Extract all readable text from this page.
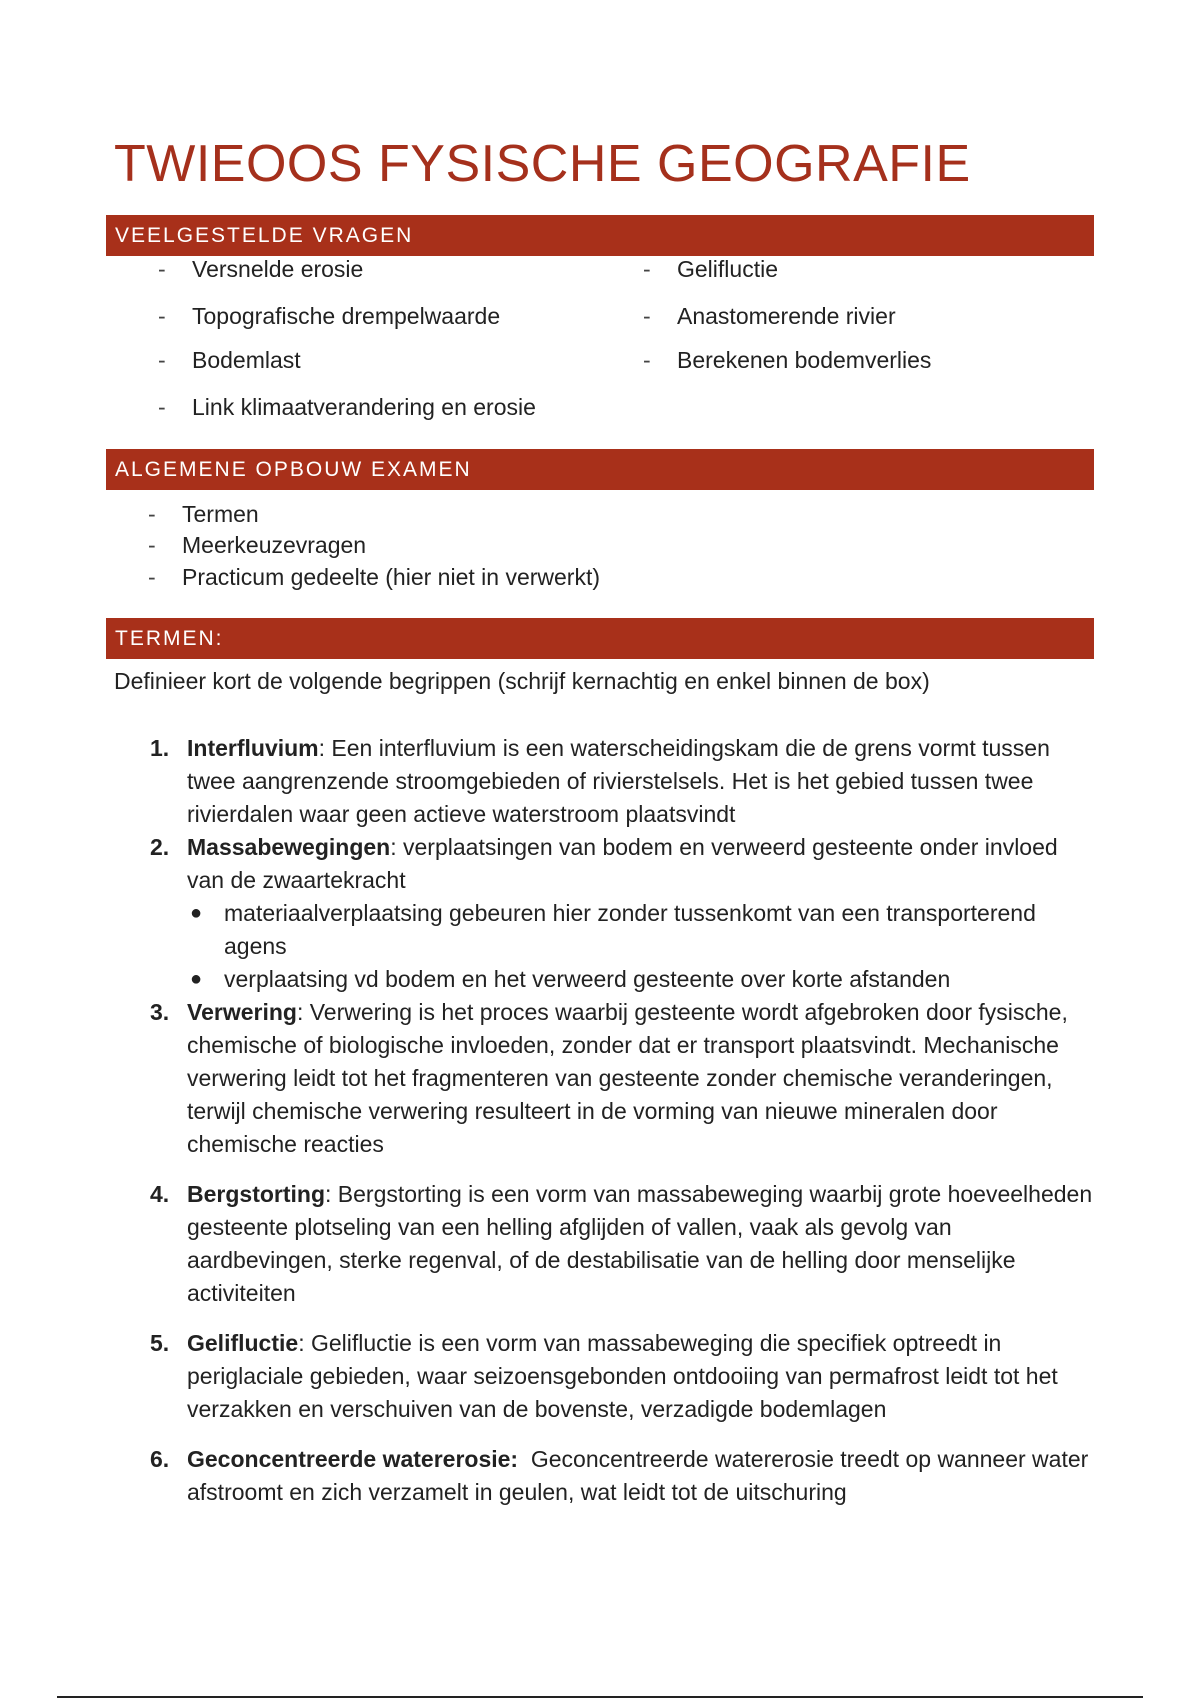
TWIEOOS FYSISCHE GEOGRAFIE
VEELGESTELDE VRAGEN
- Versnelde erosie
- Topografische drempelwaarde
- Bodemlast
- Link klimaatverandering en erosie
- Gelifluctie
- Anastomerende rivier
- Berekenen bodemverlies
ALGEMENE OPBOUW EXAMEN
- Termen
- Meerkeuzevragen
- Practicum gedeelte (hier niet in verwerkt)
TERMEN:

Definieer kort de volgende begrippen (schrijf kernachtig en enkel binnen de box)

1. Interfluvium: Een interfluvium is een waterscheidingskam die de grens vormt tussen twee aangrenzende stroomgebieden of rivierstelsels. Het is het gebied tussen twee rivierdalen waar geen actieve waterstroom plaatsvindt
2. Massabewegingen: verplaatsingen van bodem en verweerd gesteente onder invloed van de zwaartekracht
● materiaalverplaatsing gebeuren hier zonder tussenkomt van een transporterend agens
● verplaatsing vd bodem en het verweerd gesteente over korte afstanden
3. Verwering: Verwering is het proces waarbij gesteente wordt afgebroken door fysische, chemische of biologische invloeden, zonder dat er transport plaatsvindt. Mechanische verwering leidt tot het fragmenteren van gesteente zonder chemische veranderingen, terwijl chemische verwering resulteert in de vorming van nieuwe mineralen door chemische reacties
4. Bergstorting: Bergstorting is een vorm van massabeweging waarbij grote hoeveelheden gesteente plotseling van een helling afglijden of vallen, vaak als gevolg van aardbevingen, sterke regenval, of de destabilisatie van de helling door menselijke activiteiten
5. Gelifluctie: Gelifluctie is een vorm van massabeweging die specifiek optreedt in periglaciale gebieden, waar seizoensgebonden ontdooiing van permafrost leidt tot het verzakken en verschuiven van de bovenste, verzadigde bodemlagen
6. Geconcentreerde watererosie:  Geconcentreerde watererosie treedt op wanneer water afstroomt en zich verzamelt in geulen, wat leidt tot de uitschuring
